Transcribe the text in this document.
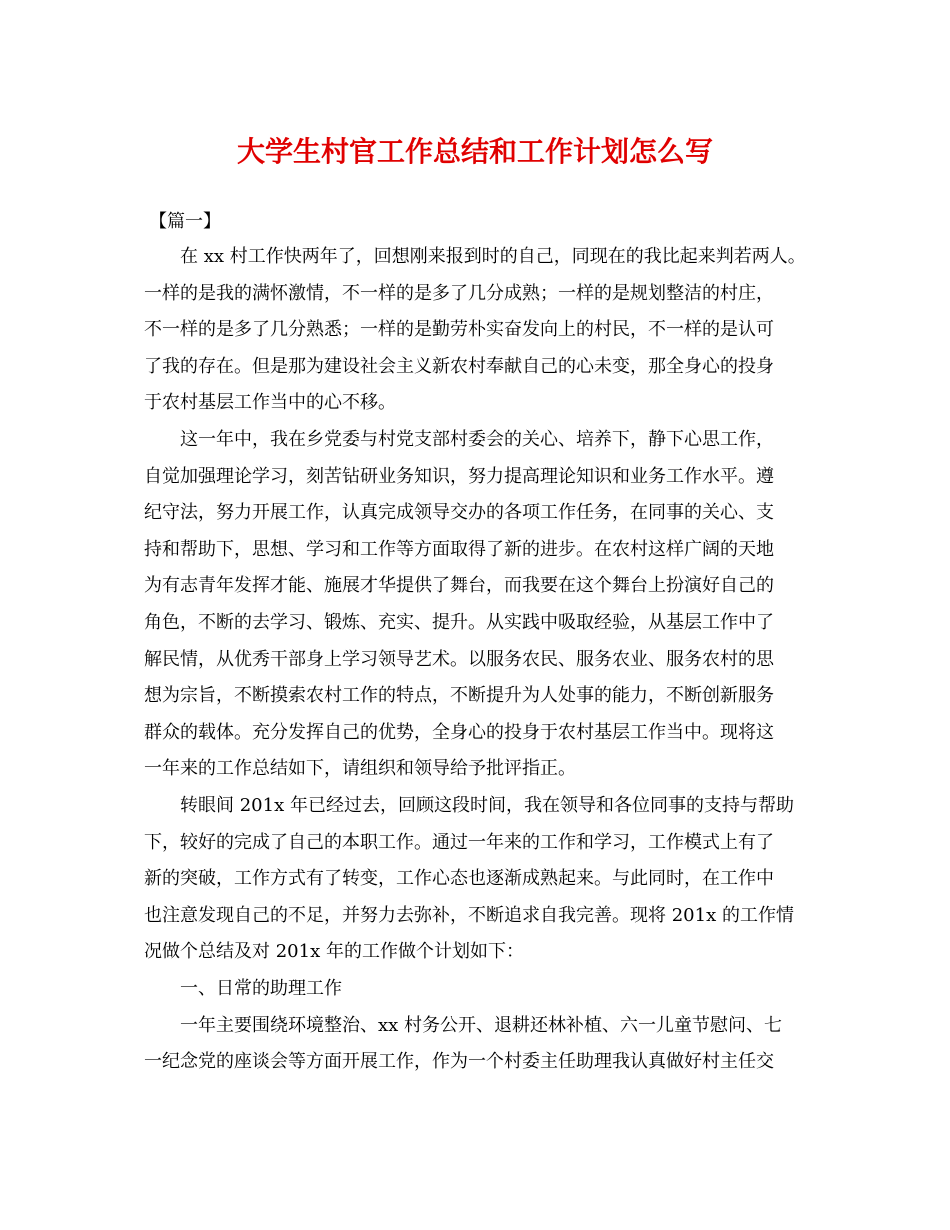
大学生村官工作总结和工作计划怎么写
【篇一】
在 xx 村工作快两年了，回想刚来报到时的自己，同现在的我比起来判若两人。
一样的是我的满怀激情，不一样的是多了几分成熟；一样的是规划整洁的村庄，
不一样的是多了几分熟悉；一样的是勤劳朴实奋发向上的村民，不一样的是认可
了我的存在。但是那为建设社会主义新农村奉献自己的心未变，那全身心的投身
于农村基层工作当中的心不移。
这一年中，我在乡党委与村党支部村委会的关心、培养下，静下心思工作，
自觉加强理论学习，刻苦钻研业务知识，努力提高理论知识和业务工作水平。遵
纪守法，努力开展工作，认真完成领导交办的各项工作任务，在同事的关心、支
持和帮助下，思想、学习和工作等方面取得了新的进步。在农村这样广阔的天地
为有志青年发挥才能、施展才华提供了舞台，而我要在这个舞台上扮演好自己的
角色，不断的去学习、锻炼、充实、提升。从实践中吸取经验，从基层工作中了
解民情，从优秀干部身上学习领导艺术。以服务农民、服务农业、服务农村的思
想为宗旨，不断摸索农村工作的特点，不断提升为人处事的能力，不断创新服务
群众的载体。充分发挥自己的优势，全身心的投身于农村基层工作当中。现将这
一年来的工作总结如下，请组织和领导给予批评指正。
转眼间 201x 年已经过去，回顾这段时间，我在领导和各位同事的支持与帮助
下，较好的完成了自己的本职工作。通过一年来的工作和学习，工作模式上有了
新的突破，工作方式有了转变，工作心态也逐渐成熟起来。与此同时，在工作中
也注意发现自己的不足，并努力去弥补，不断追求自我完善。现将 201x 的工作情
况做个总结及对 201x 年的工作做个计划如下：
一、日常的助理工作
一年主要围绕环境整治、xx 村务公开、退耕还林补植、六一儿童节慰问、七
一纪念党的座谈会等方面开展工作，作为一个村委主任助理我认真做好村主任交
